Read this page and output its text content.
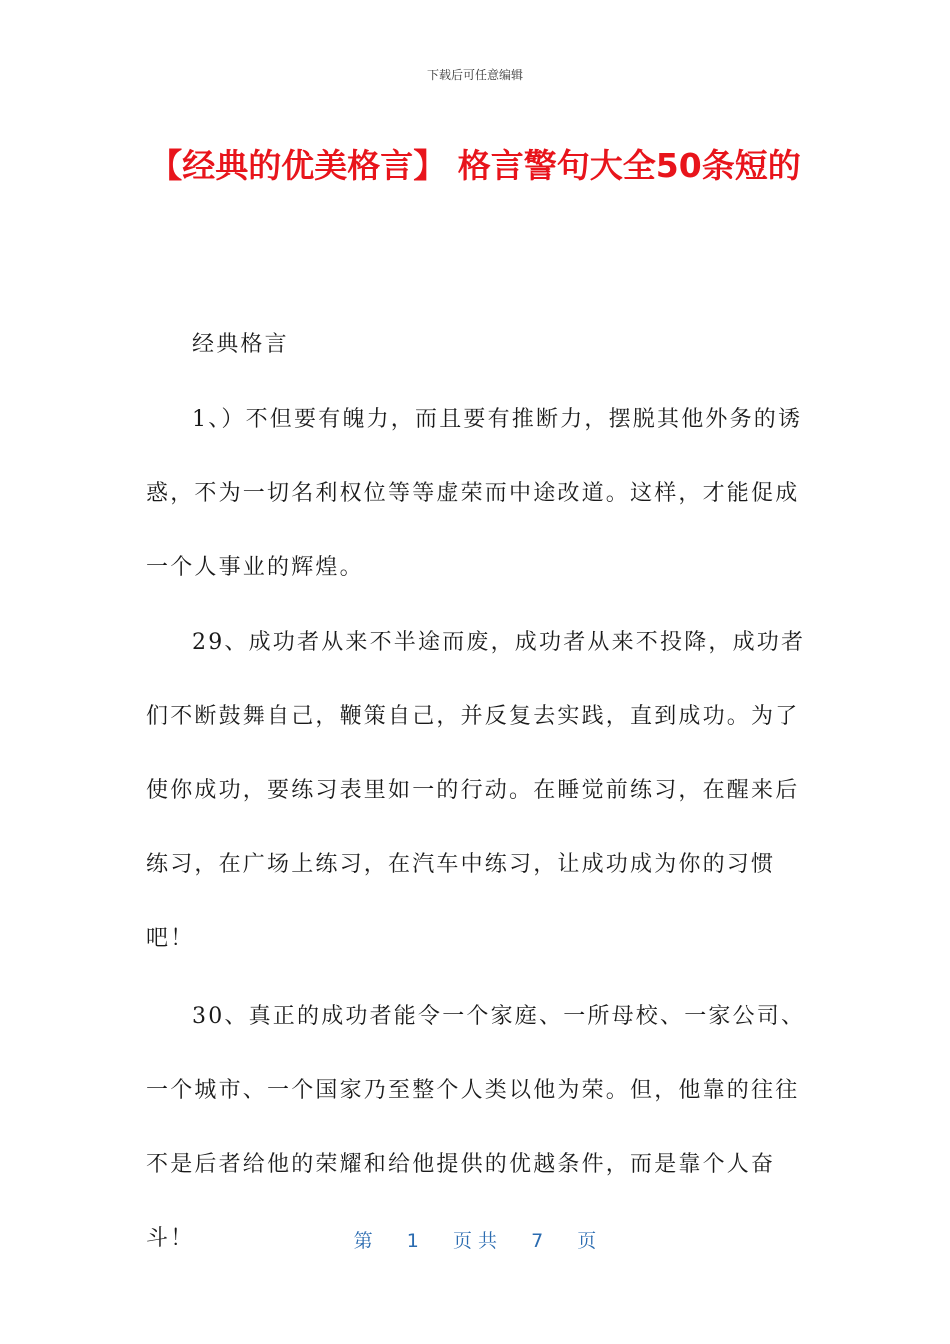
下载后可任意编辑
【经典的优美格言】 格言警句大全50条短的

经典格言

1、）不但要有魄力，而且要有推断力，摆脱其他外务的诱惑，不为一切名利权位等等虚荣而中途改道。这样，才能促成一个人事业的辉煌。

29、成功者从来不半途而废，成功者从来不投降，成功者们不断鼓舞自己，鞭策自己，并反复去实践，直到成功。为了使你成功，要练习表里如一的行动。在睡觉前练习，在醒来后练习，在广场上练习，在汽车中练习，让成功成为你的习惯吧！

30、真正的成功者能令一个家庭、一所母校、一家公司、一个城市、一个国家乃至整个人类以他为荣。但，他靠的往往不是后者给他的荣耀和给他提供的优越条件，而是靠个人奋斗！	第 1 页 共 7 页
